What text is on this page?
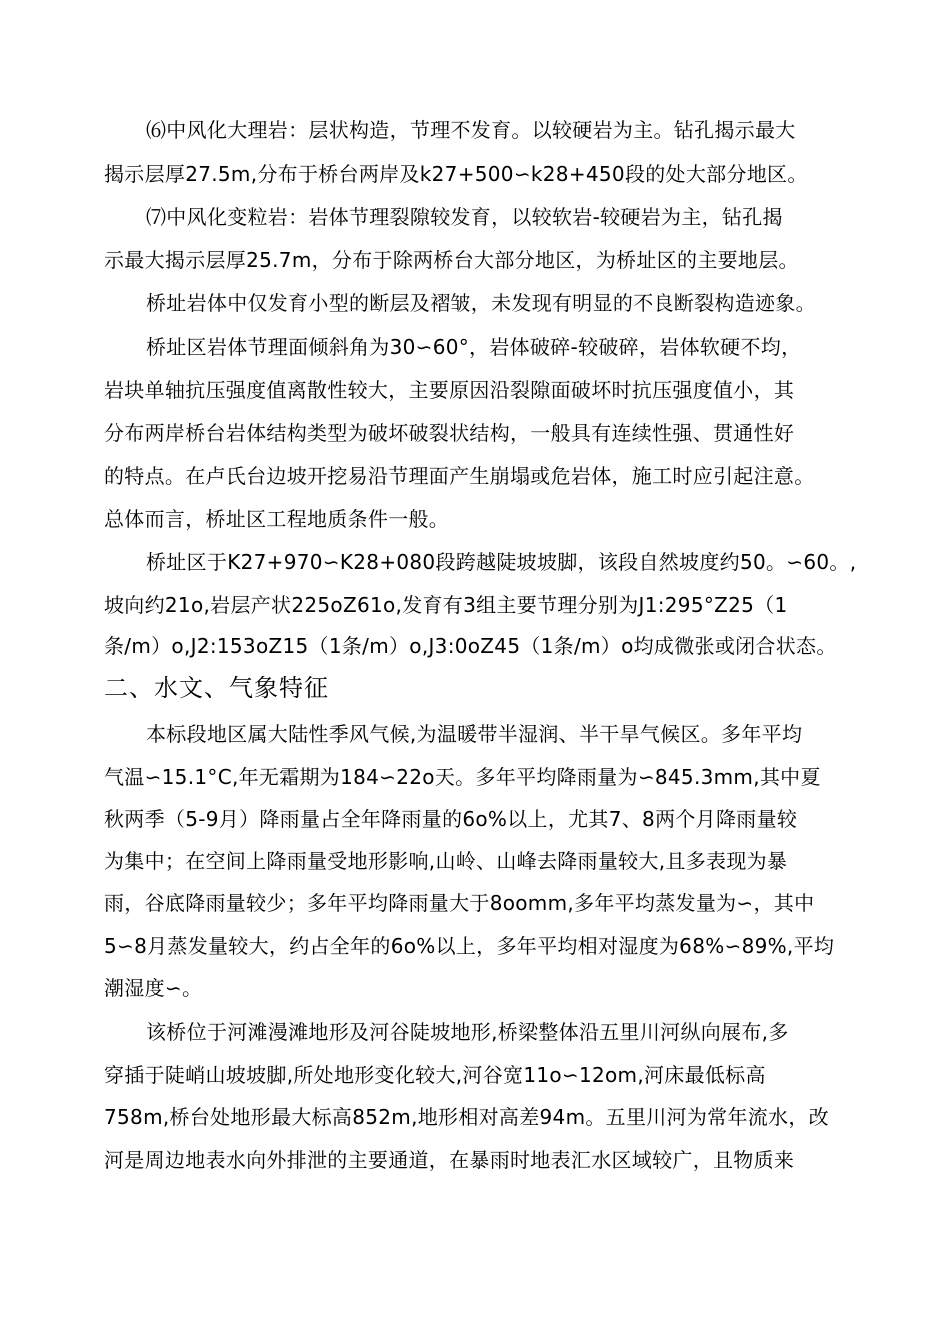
⑹中风化大理岩：层状构造，节理不发育。以较硬岩为主。钻孔揭示最大
揭示层厚27.5m,分布于桥台两岸及k27+500∽k28+450段的处大部分地区。
⑺中风化变粒岩：岩体节理裂隙较发育，以较软岩-较硬岩为主，钻孔揭
示最大揭示层厚25.7m，分布于除两桥台大部分地区，为桥址区的主要地层。
桥址岩体中仅发育小型的断层及褶皱，未发现有明显的不良断裂构造迹象。
桥址区岩体节理面倾斜角为30∽60°，岩体破碎-较破碎，岩体软硬不均，
岩块单轴抗压强度值离散性较大，主要原因沿裂隙面破坏时抗压强度值小，其
分布两岸桥台岩体结构类型为破坏破裂状结构，一般具有连续性强、贯通性好
的特点。在卢氏台边坡开挖易沿节理面产生崩塌或危岩体，施工时应引起注意。
总体而言，桥址区工程地质条件一般。
桥址区于K27+970∽K28+080段跨越陡坡坡脚，该段自然坡度约50。∽60。,
坡向约21o,岩层产状225oZ61o,发育有3组主要节理分别为J1:295°Z25（1
条/m）o,J2:153oZ15（1条/m）o,J3:0oZ45（1条/m）o均成微张或闭合状态。
二、水文、气象特征
本标段地区属大陆性季风气候,为温暖带半湿润、半干旱气候区。多年平均
气温∽15.1°C,年无霜期为184∽22o天。多年平均降雨量为∽845.3mm,其中夏
秋两季（5-9月）降雨量占全年降雨量的6o%以上，尤其7、8两个月降雨量较
为集中；在空间上降雨量受地形影响,山岭、山峰去降雨量较大,且多表现为暴
雨，谷底降雨量较少；多年平均降雨量大于8oomm,多年平均蒸发量为∽，其中
5∽8月蒸发量较大，约占全年的6o%以上，多年平均相对湿度为68%∽89%,平均
潮湿度∽。
该桥位于河滩漫滩地形及河谷陡坡地形,桥梁整体沿五里川河纵向展布,多
穿插于陡峭山坡坡脚,所处地形变化较大,河谷宽11o∽12om,河床最低标高
758m,桥台处地形最大标高852m,地形相对高差94m。五里川河为常年流水，改
河是周边地表水向外排泄的主要通道，在暴雨时地表汇水区域较广，且物质来
